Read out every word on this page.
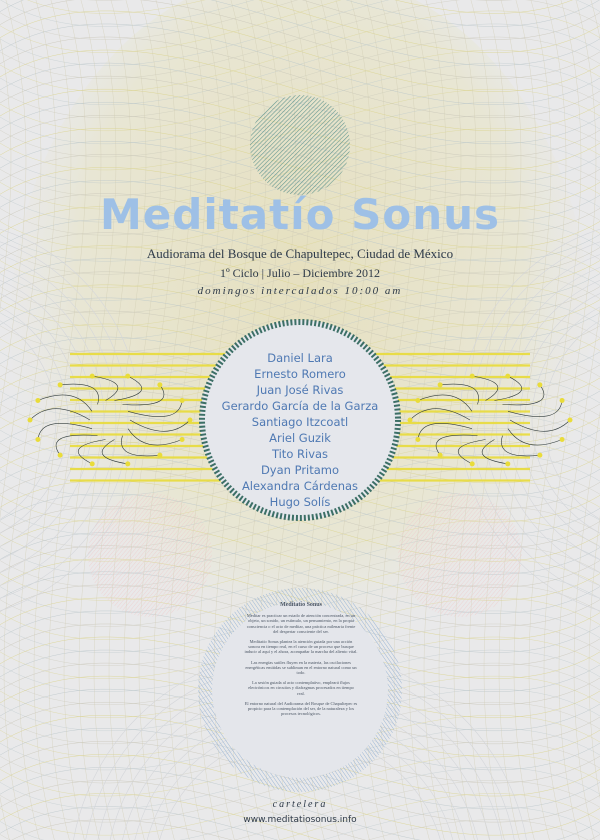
Meditatío Sonus
Audiorama del Bosque de Chapultepec, Ciudad de México
1º Ciclo | Julio – Diciembre 2012
domingos intercalados 10:00 am
Daniel Lara
Ernesto Romero
Juan José Rivas
Gerardo García de la Garza
Santiago Itzcoatl
Ariel Guzik
Tito Rivas
Dyan Pritamo
Alexandra Cárdenas
Hugo Solís
Meditatío Sonus

Meditar es practicar un estado de atención concentrada, en un objeto, un sonido, un estímulo, un pensamiento, en la propia consciencia o el acto de meditar, una práctica milenaria frente del despertar consciente del ser.

Meditatío Sonus plantea la atención guiada por una acción sonora en tiempo real, en el curso de un proceso que busque inducir al aquí y el ahora, acompañar la marcha del aliento vital.

Las energías sutiles fluyen en la materia, las oscilaciones energéticas emitidas se subliman en el entorno natural como un todo.

La sesión guiada al acto contemplativo, empleará flujos electrónicos en circuitos y diafragmas procesados en tiempo real.

El entorno natural del Audiorama del Bosque de Chapultepec es propicio para la contemplación del ser, de la naturaleza y los procesos tecnológicos.

cartelera
www.meditatiosonus.info
